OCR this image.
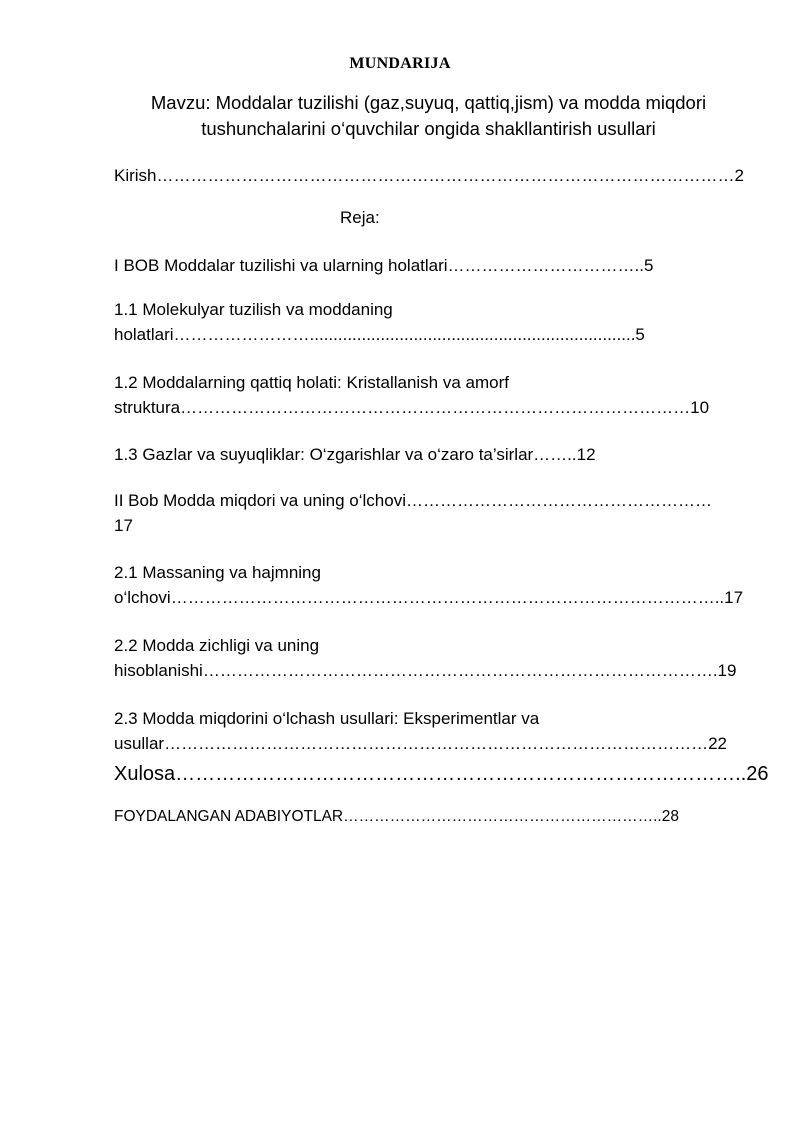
MUNDARIJA
Mavzu: Moddalar tuzilishi (gaz,suyuq, qattiq,jism) va modda miqdori
tushunchalarini o‘quvchilar ongida shakllantirish usullari
Kirish…………………………………………………………………………………………2
Reja:
I BOB Moddalar tuzilishi va ularning holatlari……………………………..5
1.1 Molekulyar tuzilish va moddaning
holatlari…………………….....................................................................5
1.2 Moddalarning qattiq holati: Kristallanish va amorf
struktura………………………………………………………………………………10
1.3 Gazlar va suyuqliklar: O‘zgarishlar va o‘zaro ta’sirlar……..12
II Bob Modda miqdori va uning o‘lchovi………………………………………………
17
2.1 Massaning va hajmning
o‘lchovi……………………………………………………………………………………..17
2.2 Modda zichligi va uning
hisoblanishi……………………………………………………………………………….19
2.3 Modda miqdorini o‘lchash usullari: Eksperimentlar va
usullar……………………………………………………………………………………22
Xulosa…………………………………………………………………………..26
FOYDALANGAN ADABIYOTLAR……………………………………………………..28
